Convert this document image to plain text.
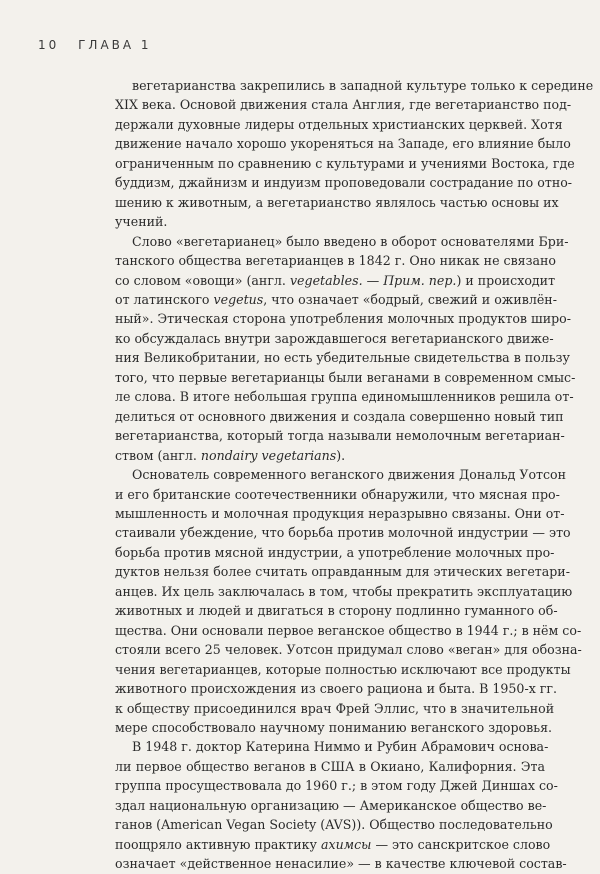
10 ГЛАВА 1

вегетарианства закрепились в западной культуре только к середине
XIX века. Основой движения стала Англия, где вегетарианство под-
держали духовные лидеры отдельных христианских церквей. Хотя
движение начало хорошо укореняться на Западе, его влияние было
ограниченным по сравнению с культурами и учениями Востока, где
буддизм, джайнизм и индуизм проповедовали сострадание по отно-
шению к животным, а вегетарианство являлось частью основы их
учений.

Слово «вегетарианец» было введено в оборот основателями Бри-
танского общества вегетарианцев в 1842 г. Оно никак не связано
со словом «овощи» (англ. vegetables. — Прим. пер.) и происходит
от латинского vegetus, что означает «бодрый, свежий и оживлён-
ный». Этическая сторона употребления молочных продуктов широ-
ко обсуждалась внутри зарождавшегося вегетарианского движе-
ния Великобритании, но есть убедительные свидетельства в пользу
того, что первые вегетарианцы были веганами в современном смыс-
ле слова. В итоге небольшая группа единомышленников решила от-
делиться от основного движения и создала совершенно новый тип
вегетарианства, который тогда называли немолочным вегетариан-
ством (англ. nondairy vegetarians).

Основатель современного веганского движения Дональд Уотсон
и его британские соотечественники обнаружили, что мясная про-
мышленность и молочная продукция неразрывно связаны. Они от-
стаивали убеждение, что борьба против молочной индустрии — это
борьба против мясной индустрии, а употребление молочных про-
дуктов нельзя более считать оправданным для этических вегетари-
анцев. Их цель заключалась в том, чтобы прекратить эксплуатацию
животных и людей и двигаться в сторону подлинно гуманного об-
щества. Они основали первое веганское общество в 1944 г.; в нём со-
стояли всего 25 человек. Уотсон придумал слово «веган» для обозна-
чения вегетарианцев, которые полностью исключают все продукты
животного происхождения из своего рациона и быта. В 1950-х гг.
к обществу присоединился врач Фрей Эллис, что в значительной
мере способствовало научному пониманию веганского здоровья.

В 1948 г. доктор Катерина Ниммо и Рубин Абрамович основа-
ли первое общество веганов в США в Окиано, Калифорния. Эта
группа просуществовала до 1960 г.; в этом году Джей Диншах со-
здал национальную организацию — Американское общество ве-
ганов (American Vegan Society (AVS)). Общество последовательно
поощряло активную практику ахимсы — это санскритское слово
означает «действенное ненасилие» — в качестве ключевой состав-
